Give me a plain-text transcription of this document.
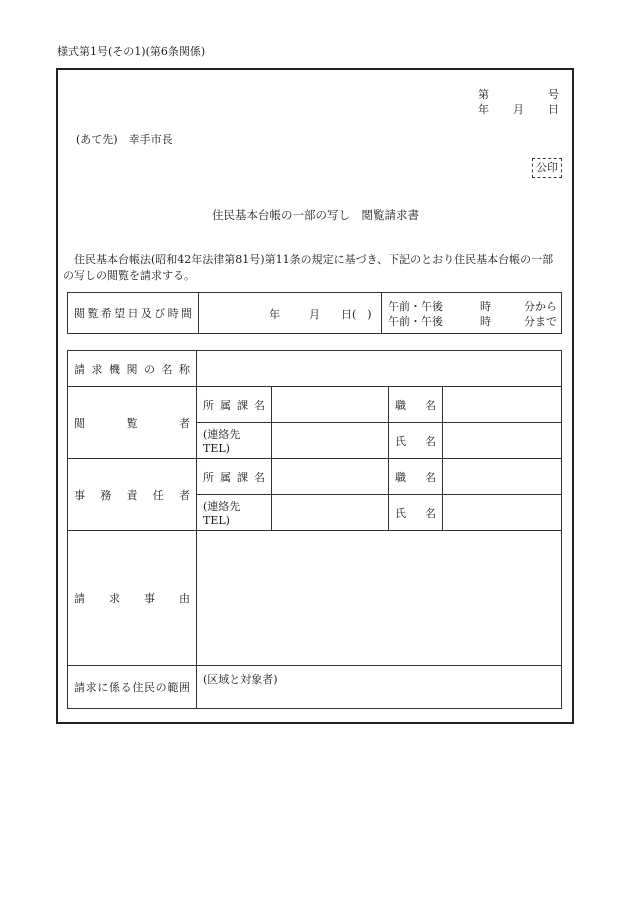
様式第1号(その1)(第6条関係)
第	号
年 月 日
(あて先)　幸手市長
公印
住民基本台帳の一部の写し　閲覧請求書
住民基本台帳法(昭和42年法律第81号)第11条の規定に基づき、下記のとおり住民基本台帳の一部
の写しの閲覧を請求する。
閲覧希望日及び時間	年	月 日(　)

午前・午後	時	分から
午前・午後	時	分まで
請求機関の名称				

閲覧者	所属課名		職名	

	(連絡先TEL)		氏名	

事務責任者	所属課名		職名	

	(連絡先TEL)		氏名	

請求事由				

請求に係る住民の範囲	(区域と対象者)			
